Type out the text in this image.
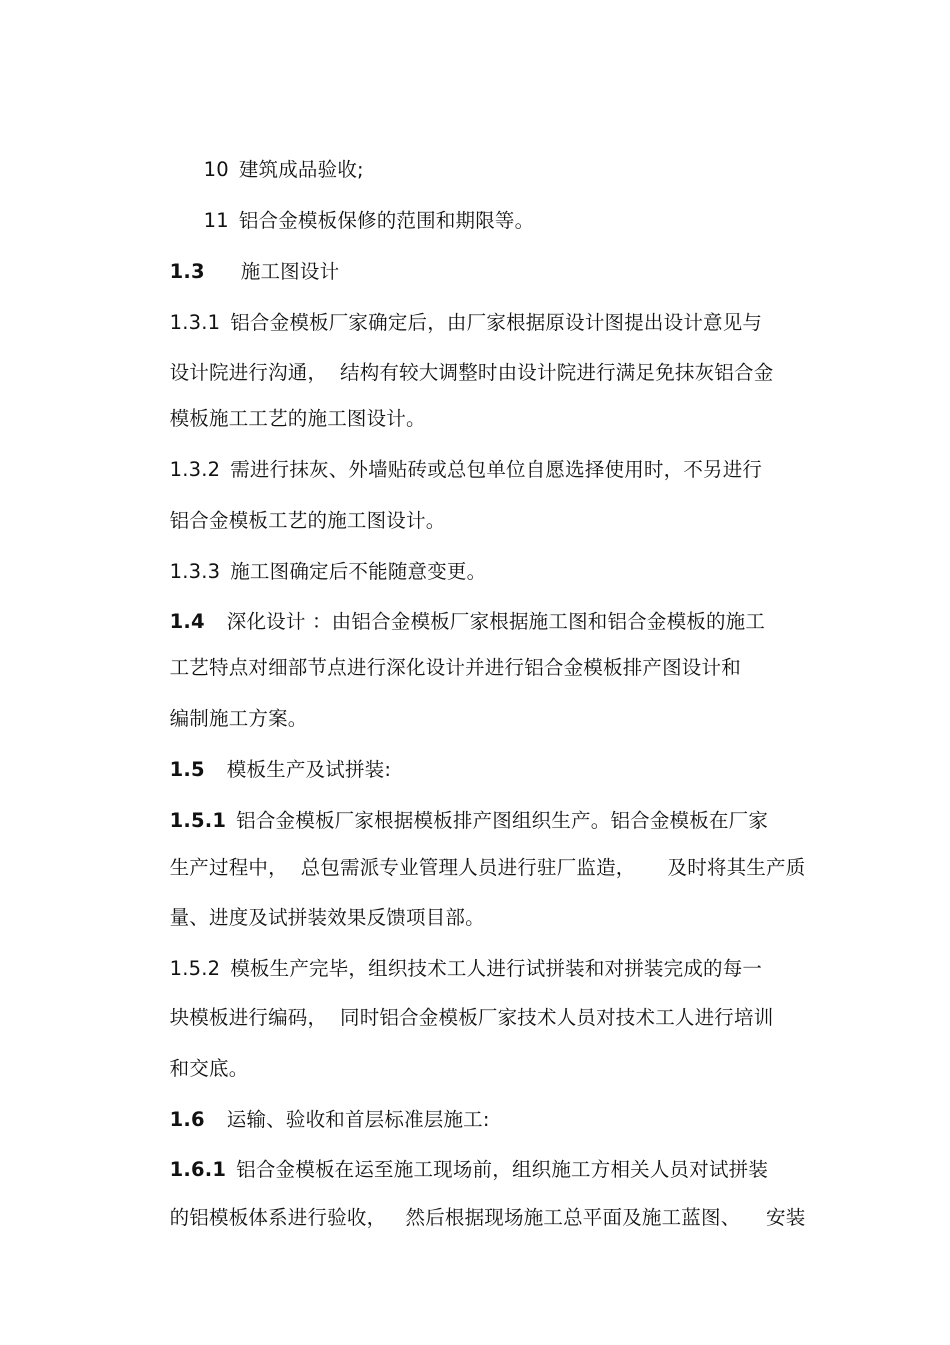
10 建筑成品验收;

11 铝合金模板保修的范围和期限等。

1.3 施工图设计

1.3.1 铝合金模板厂家确定后，由厂家根据原设计图提出设计意见与

设计院进行沟通，  结构有较大调整时由设计院进行满足免抹灰铝合金

模板施工工艺的施工图设计。

1.3.2 需进行抹灰、外墙贴砖或总包单位自愿选择使用时，不另进行

铝合金模板工艺的施工图设计。

1.3.3 施工图确定后不能随意变更。

1.4 深化设计 ：由铝合金模板厂家根据施工图和铝合金模板的施工

工艺特点对细部节点进行深化设计并进行铝合金模板排产图设计和

编制施工方案。

1.5 模板生产及试拼装:

1.5.1 铝合金模板厂家根据模板排产图组织生产。铝合金模板在厂家

生产过程中，  总包需派专业管理人员进行驻厂监造，     及时将其生产质

量、进度及试拼装效果反馈项目部。

1.5.2 模板生产完毕，组织技术工人进行试拼装和对拼装完成的每一

块模板进行编码，  同时铝合金模板厂家技术人员对技术工人进行培训

和交底。

1.6 运输、验收和首层标准层施工:

1.6.1 铝合金模板在运至施工现场前，组织施工方相关人员对试拼装

的铝模板体系进行验收，   然后根据现场施工总平面及施工蓝图、    安装
